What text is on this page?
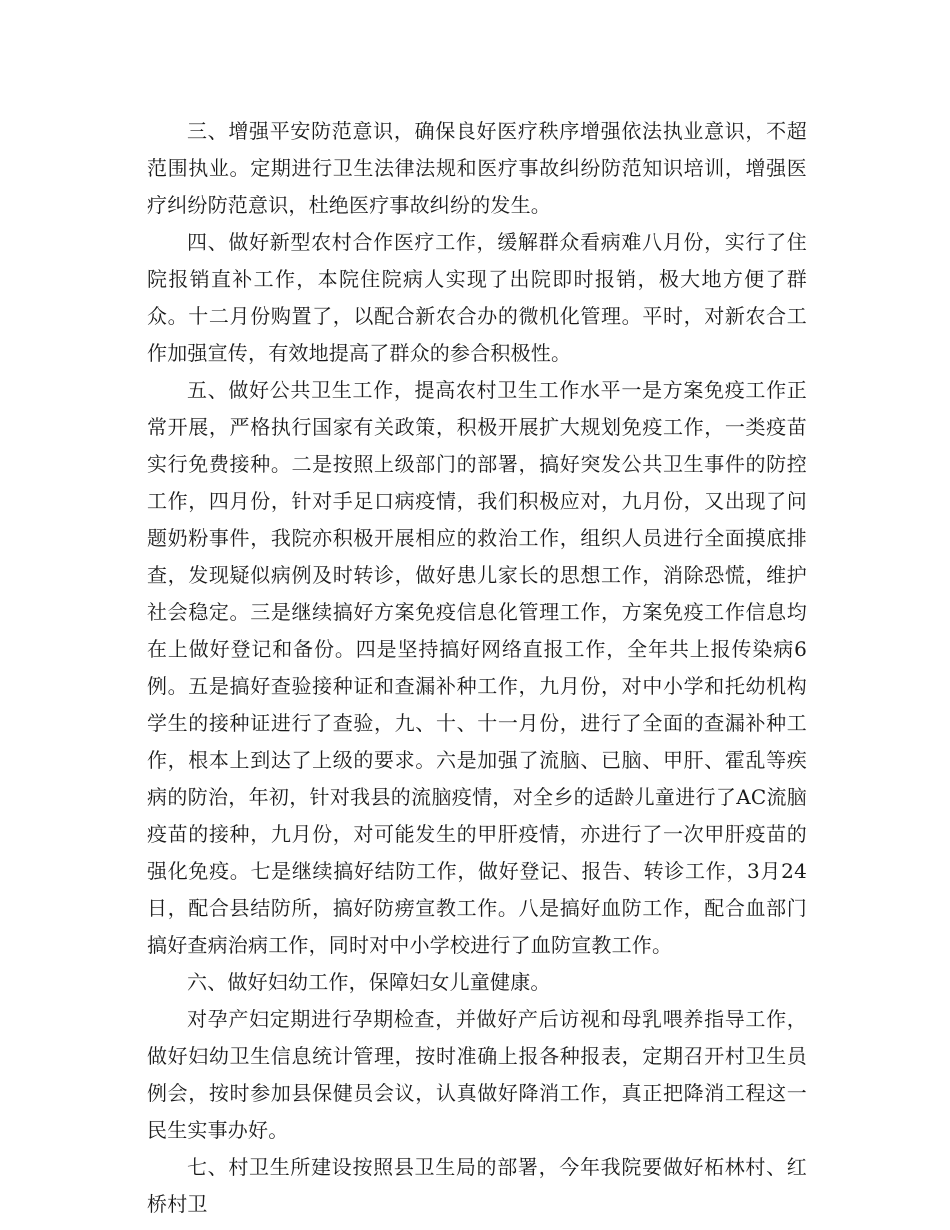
三、增强平安防范意识，确保良好医疗秩序增强依法执业意识，不超范围执业。定期进行卫生法律法规和医疗事故纠纷防范知识培训，增强医疗纠纷防范意识，杜绝医疗事故纠纷的发生。

四、做好新型农村合作医疗工作，缓解群众看病难八月份，实行了住院报销直补工作，本院住院病人实现了出院即时报销，极大地方便了群众。十二月份购置了，以配合新农合办的微机化管理。平时，对新农合工作加强宣传，有效地提高了群众的参合积极性。

五、做好公共卫生工作，提高农村卫生工作水平一是方案免疫工作正常开展，严格执行国家有关政策，积极开展扩大规划免疫工作，一类疫苗实行免费接种。二是按照上级部门的部署，搞好突发公共卫生事件的防控工作，四月份，针对手足口病疫情，我们积极应对，九月份，又出现了问题奶粉事件，我院亦积极开展相应的救治工作，组织人员进行全面摸底排查，发现疑似病例及时转诊，做好患儿家长的思想工作，消除恐慌，维护社会稳定。三是继续搞好方案免疫信息化管理工作，方案免疫工作信息均在上做好登记和备份。四是坚持搞好网络直报工作，全年共上报传染病6例。五是搞好查验接种证和查漏补种工作，九月份，对中小学和托幼机构学生的接种证进行了查验，九、十、十一月份，进行了全面的查漏补种工作，根本上到达了上级的要求。六是加强了流脑、已脑、甲肝、霍乱等疾病的防治，年初，针对我县的流脑疫情，对全乡的适龄儿童进行了AC流脑疫苗的接种，九月份，对可能发生的甲肝疫情，亦进行了一次甲肝疫苗的强化免疫。七是继续搞好结防工作，做好登记、报告、转诊工作，3月24日，配合县结防所，搞好防痨宣教工作。八是搞好血防工作，配合血部门搞好查病治病工作，同时对中小学校进行了血防宣教工作。

六、做好妇幼工作，保障妇女儿童健康。

对孕产妇定期进行孕期检查，并做好产后访视和母乳喂养指导工作，做好妇幼卫生信息统计管理，按时准确上报各种报表，定期召开村卫生员例会，按时参加县保健员会议，认真做好降消工作，真正把降消工程这一民生实事办好。

七、村卫生所建设按照县卫生局的部署，今年我院要做好柘林村、红桥村卫
